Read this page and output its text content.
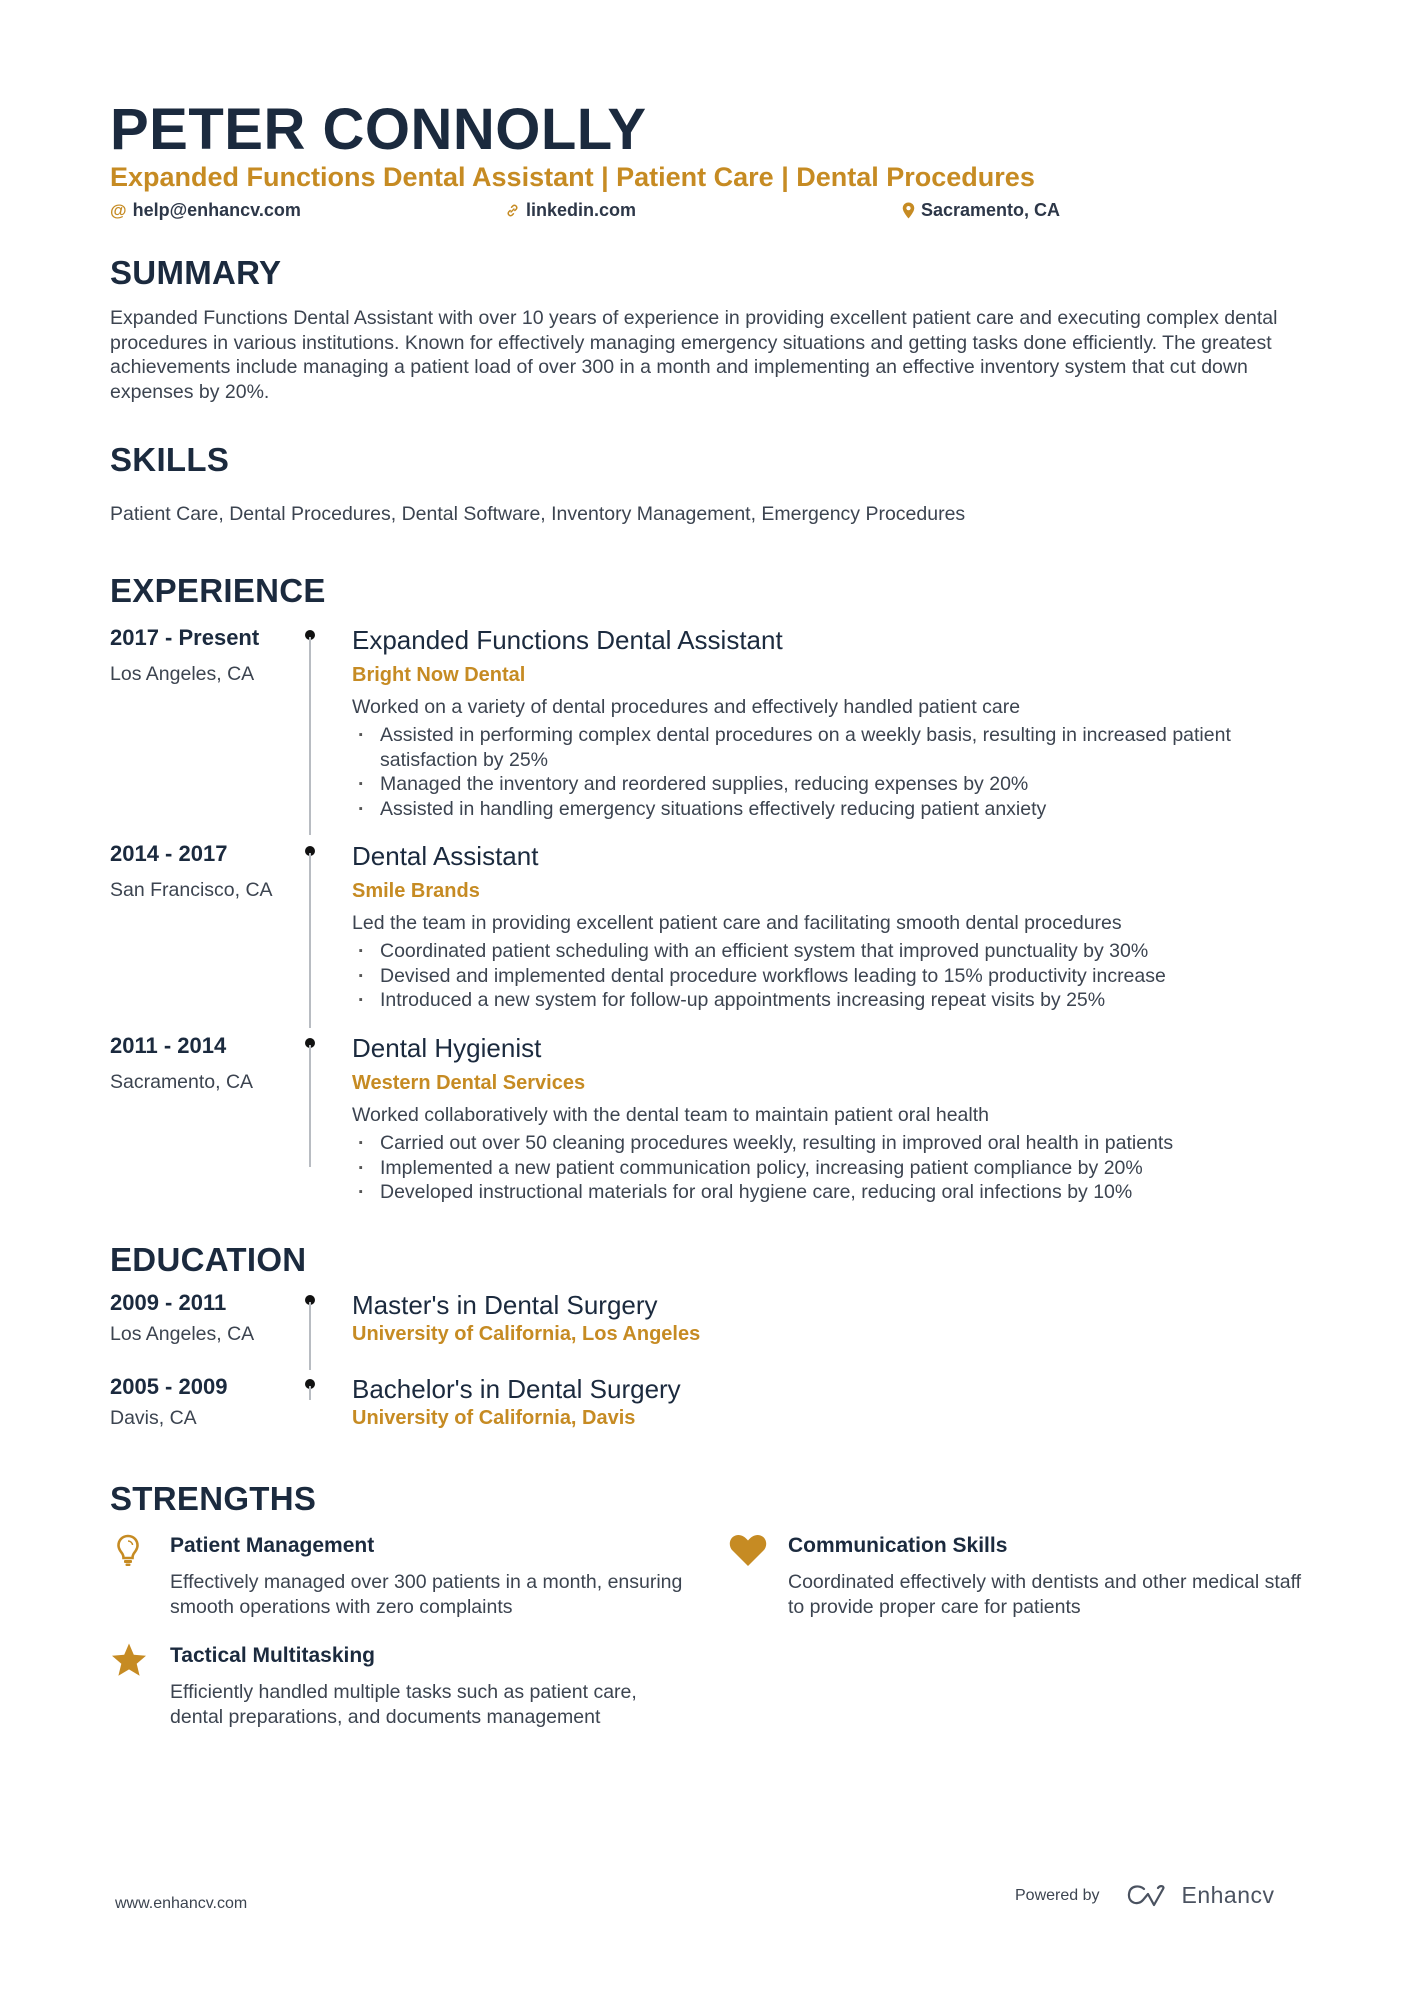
PETER CONNOLLY
Expanded Functions Dental Assistant | Patient Care | Dental Procedures
@ help@enhancv.com	linkedin.com	Sacramento, CA
SUMMARY
Expanded Functions Dental Assistant with over 10 years of experience in providing excellent patient care and executing complex dental procedures in various institutions. Known for effectively managing emergency situations and getting tasks done efficiently. The greatest achievements include managing a patient load of over 300 in a month and implementing an effective inventory system that cut down expenses by 20%.
SKILLS
Patient Care, Dental Procedures, Dental Software, Inventory Management, Emergency Procedures
EXPERIENCE
2017 - Present
Los Angeles, CA
Expanded Functions Dental Assistant
Bright Now Dental
Worked on a variety of dental procedures and effectively handled patient care
· Assisted in performing complex dental procedures on a weekly basis, resulting in increased patient satisfaction by 25%
· Managed the inventory and reordered supplies, reducing expenses by 20%
· Assisted in handling emergency situations effectively reducing patient anxiety
2014 - 2017
San Francisco, CA
Dental Assistant
Smile Brands
Led the team in providing excellent patient care and facilitating smooth dental procedures
· Coordinated patient scheduling with an efficient system that improved punctuality by 30%
· Devised and implemented dental procedure workflows leading to 15% productivity increase
· Introduced a new system for follow-up appointments increasing repeat visits by 25%
2011 - 2014
Sacramento, CA
Dental Hygienist
Western Dental Services
Worked collaboratively with the dental team to maintain patient oral health
· Carried out over 50 cleaning procedures weekly, resulting in improved oral health in patients
· Implemented a new patient communication policy, increasing patient compliance by 20%
· Developed instructional materials for oral hygiene care, reducing oral infections by 10%
EDUCATION
2009 - 2011
Los Angeles, CA
Master's in Dental Surgery
University of California, Los Angeles
2005 - 2009
Davis, CA
Bachelor's in Dental Surgery
University of California, Davis
STRENGTHS
Patient Management
Effectively managed over 300 patients in a month, ensuring smooth operations with zero complaints
Communication Skills
Coordinated effectively with dentists and other medical staff to provide proper care for patients
Tactical Multitasking
Efficiently handled multiple tasks such as patient care, dental preparations, and documents management
www.enhancv.com	Powered by	Enhancv
